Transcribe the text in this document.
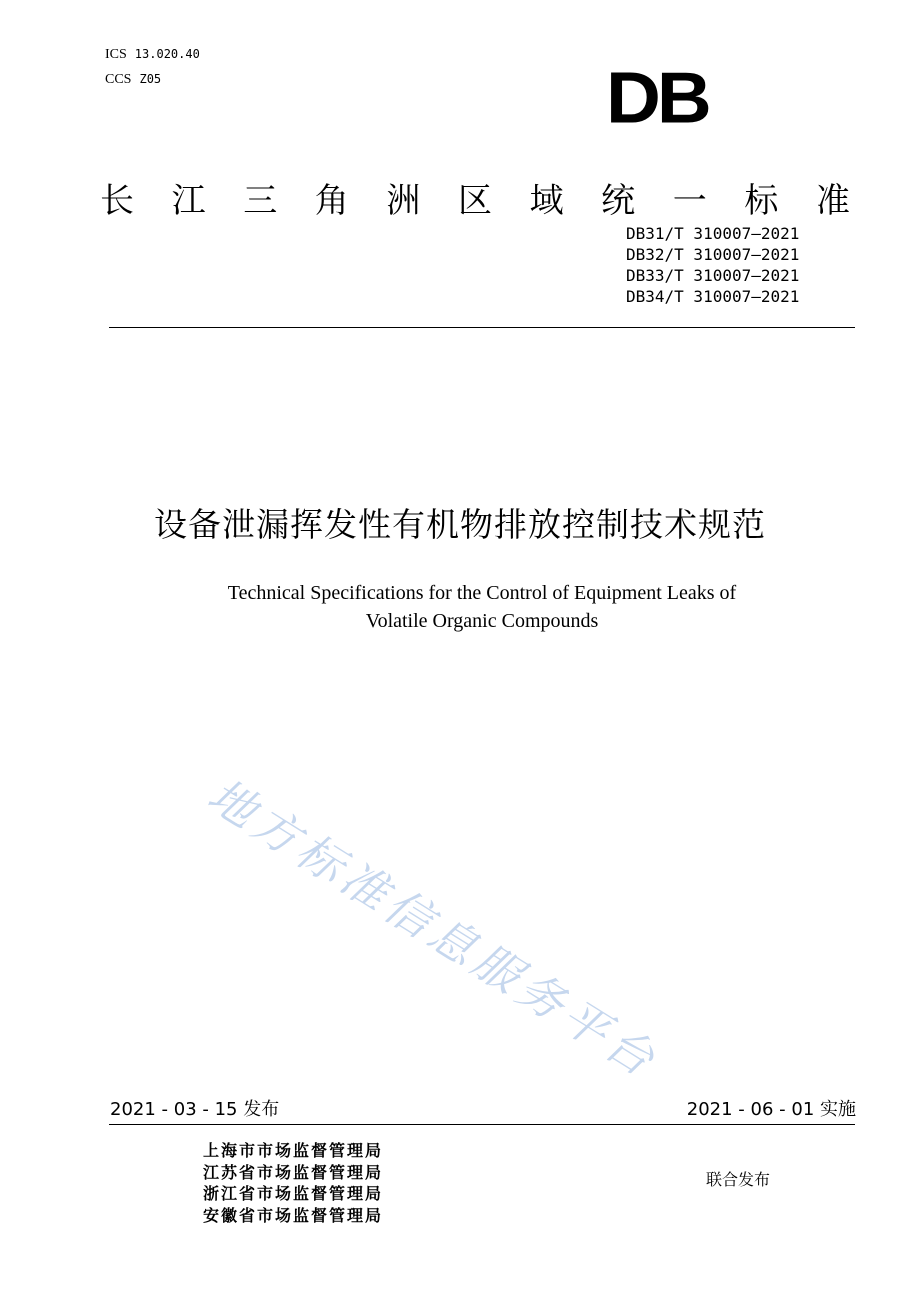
ICS 13.020.40
CCS Z05	DB
长 江 三 角 洲 区 域 统 一 标 准
DB31/T 310007—2021
DB32/T 310007—2021
DB33/T 310007—2021
DB34/T 310007—2021
设备泄漏挥发性有机物排放控制技术规范
Technical Specifications for the Control of Equipment Leaks of
Volatile Organic Compounds
地方标准信息服务平台
2021 - 03 - 15 发布	2021 - 06 - 01 实施
上海市市场监督管理局
江苏省市场监督管理局
浙江省市场监督管理局
安徽省市场监督管理局
联合发布
